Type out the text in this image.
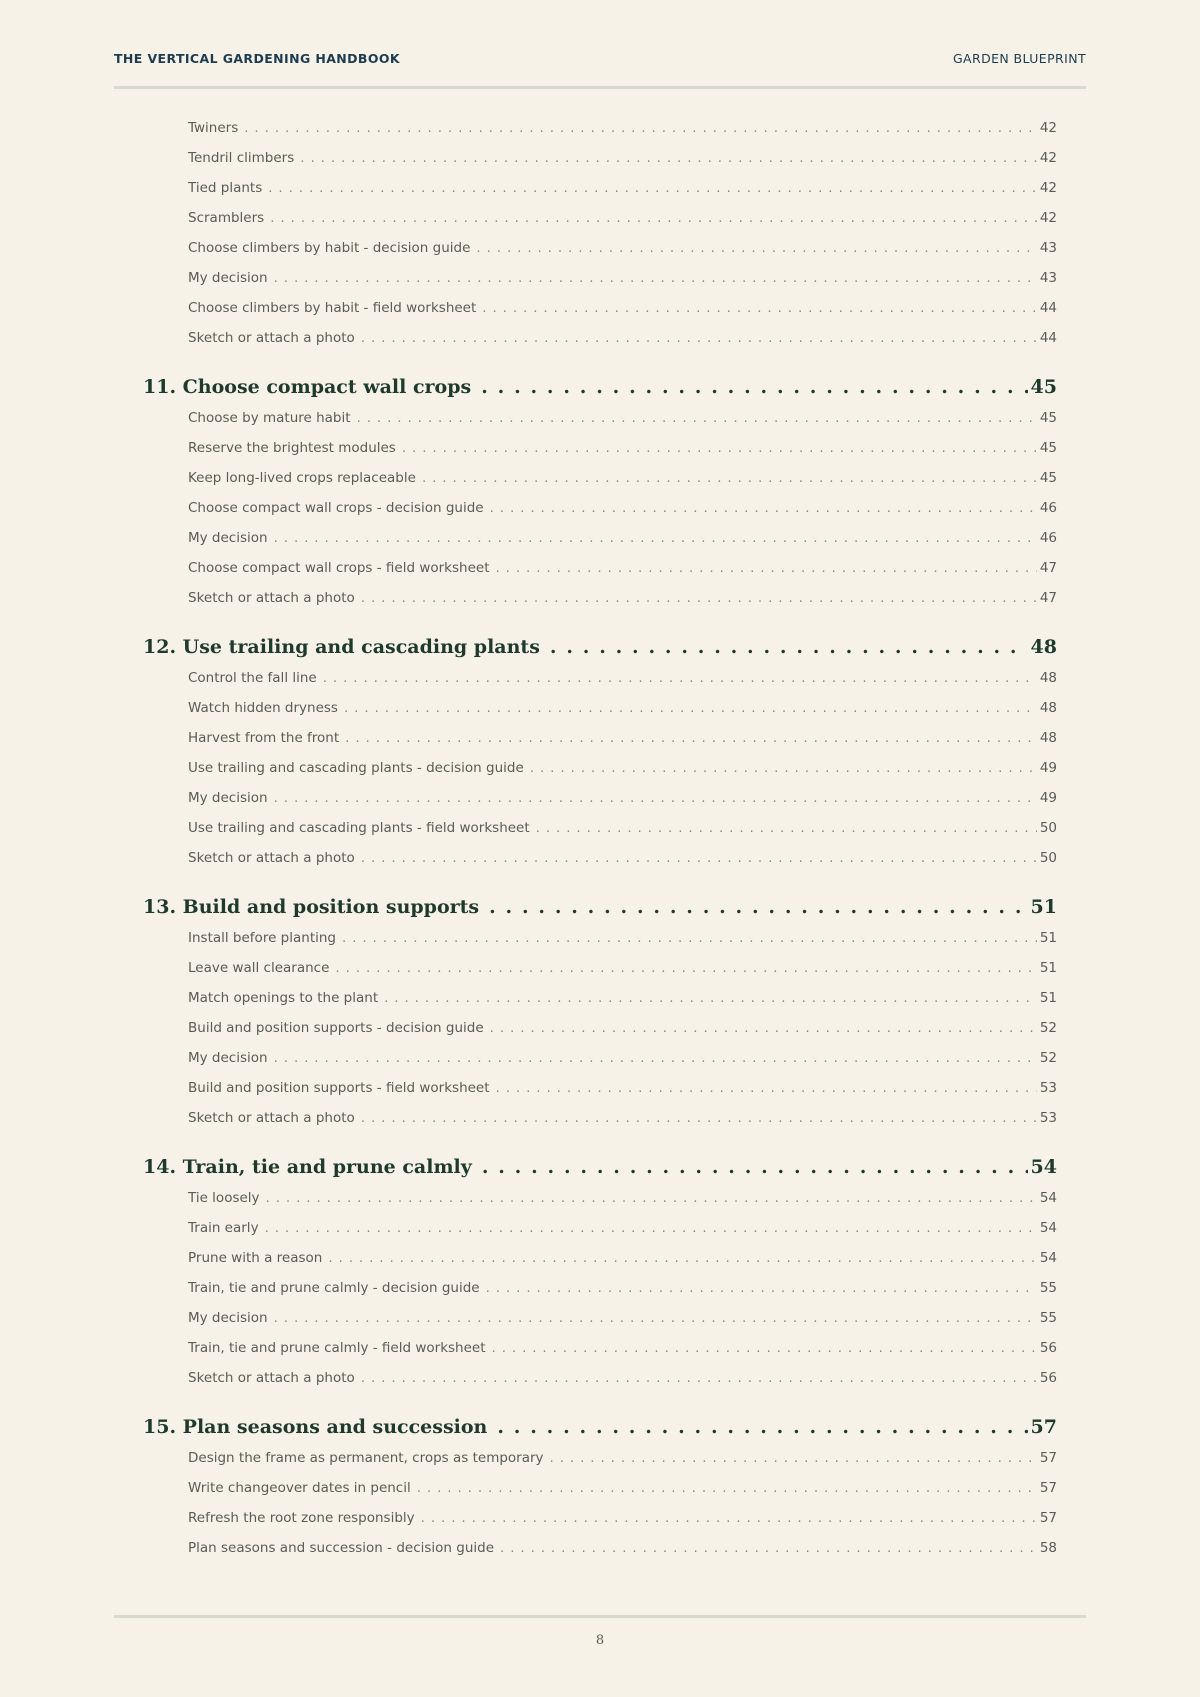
THE VERTICAL GARDENING HANDBOOK	GARDEN BLUEPRINT
Twiners . . .	42
Tendril climbers . . .	42
Tied plants . . .	42
Scramblers . . .	42
Choose climbers by habit - decision guide . . .	43
My decision . . .	43
Choose climbers by habit - field worksheet . . .	44
Sketch or attach a photo . . .	44
11. Choose compact wall crops . . .	45
Choose by mature habit . . .	45
Reserve the brightest modules . . .	45
Keep long-lived crops replaceable . . .	45
Choose compact wall crops - decision guide . . .	46
My decision . . .	46
Choose compact wall crops - field worksheet . . .	47
Sketch or attach a photo . . .	47
12. Use trailing and cascading plants . . .	48
Control the fall line . . .	48
Watch hidden dryness . . .	48
Harvest from the front . . .	48
Use trailing and cascading plants - decision guide . . .	49
My decision . . .	49
Use trailing and cascading plants - field worksheet . . .	50
Sketch or attach a photo . . .	50
13. Build and position supports . . .	51
Install before planting . . .	51
Leave wall clearance . . .	51
Match openings to the plant . . .	51
Build and position supports - decision guide . . .	52
My decision . . .	52
Build and position supports - field worksheet . . .	53
Sketch or attach a photo . . .	53
14. Train, tie and prune calmly . . .	54
Tie loosely . . .	54
Train early . . .	54
Prune with a reason . . .	54
Train, tie and prune calmly - decision guide . . .	55
My decision . . .	55
Train, tie and prune calmly - field worksheet . . .	56
Sketch or attach a photo . . .	56
15. Plan seasons and succession . . .	57
Design the frame as permanent, crops as temporary . . .	57
Write changeover dates in pencil . . .	57
Refresh the root zone responsibly . . .	57
Plan seasons and succession - decision guide . . .	58
8
